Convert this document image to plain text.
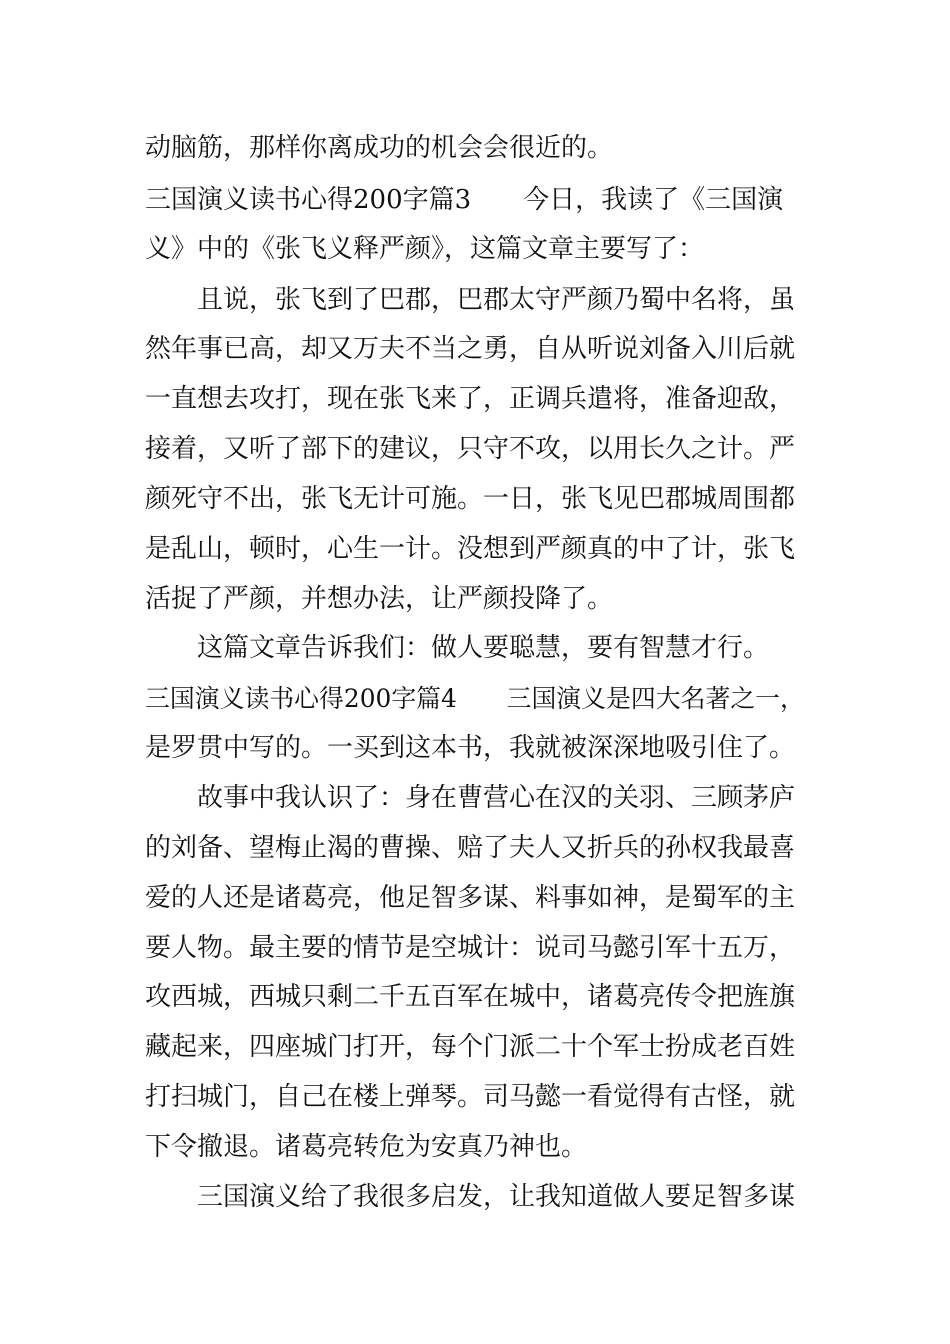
动脑筋，那样你离成功的机会会很近的。
三国演义读书心得200字篇3　　今日，我读了《三国演
义》中的《张飞义释严颜》，这篇文章主要写了：
　　且说，张飞到了巴郡，巴郡太守严颜乃蜀中名将，虽
然年事已高，却又万夫不当之勇，自从听说刘备入川后就
一直想去攻打，现在张飞来了，正调兵遣将，准备迎敌，
接着，又听了部下的建议，只守不攻，以用长久之计。严
颜死守不出，张飞无计可施。一日，张飞见巴郡城周围都
是乱山，顿时，心生一计。没想到严颜真的中了计，张飞
活捉了严颜，并想办法，让严颜投降了。
　　这篇文章告诉我们：做人要聪慧，要有智慧才行。
三国演义读书心得200字篇4　　三国演义是四大名著之一，
是罗贯中写的。一买到这本书，我就被深深地吸引住了。
　　故事中我认识了：身在曹营心在汉的关羽、三顾茅庐
的刘备、望梅止渴的曹操、赔了夫人又折兵的孙权我最喜
爱的人还是诸葛亮，他足智多谋、料事如神，是蜀军的主
要人物。最主要的情节是空城计：说司马懿引军十五万，
攻西城，西城只剩二千五百军在城中，诸葛亮传令把旌旗
藏起来，四座城门打开，每个门派二十个军士扮成老百姓
打扫城门，自己在楼上弹琴。司马懿一看觉得有古怪，就
下令撤退。诸葛亮转危为安真乃神也。
　　三国演义给了我很多启发，让我知道做人要足智多谋
